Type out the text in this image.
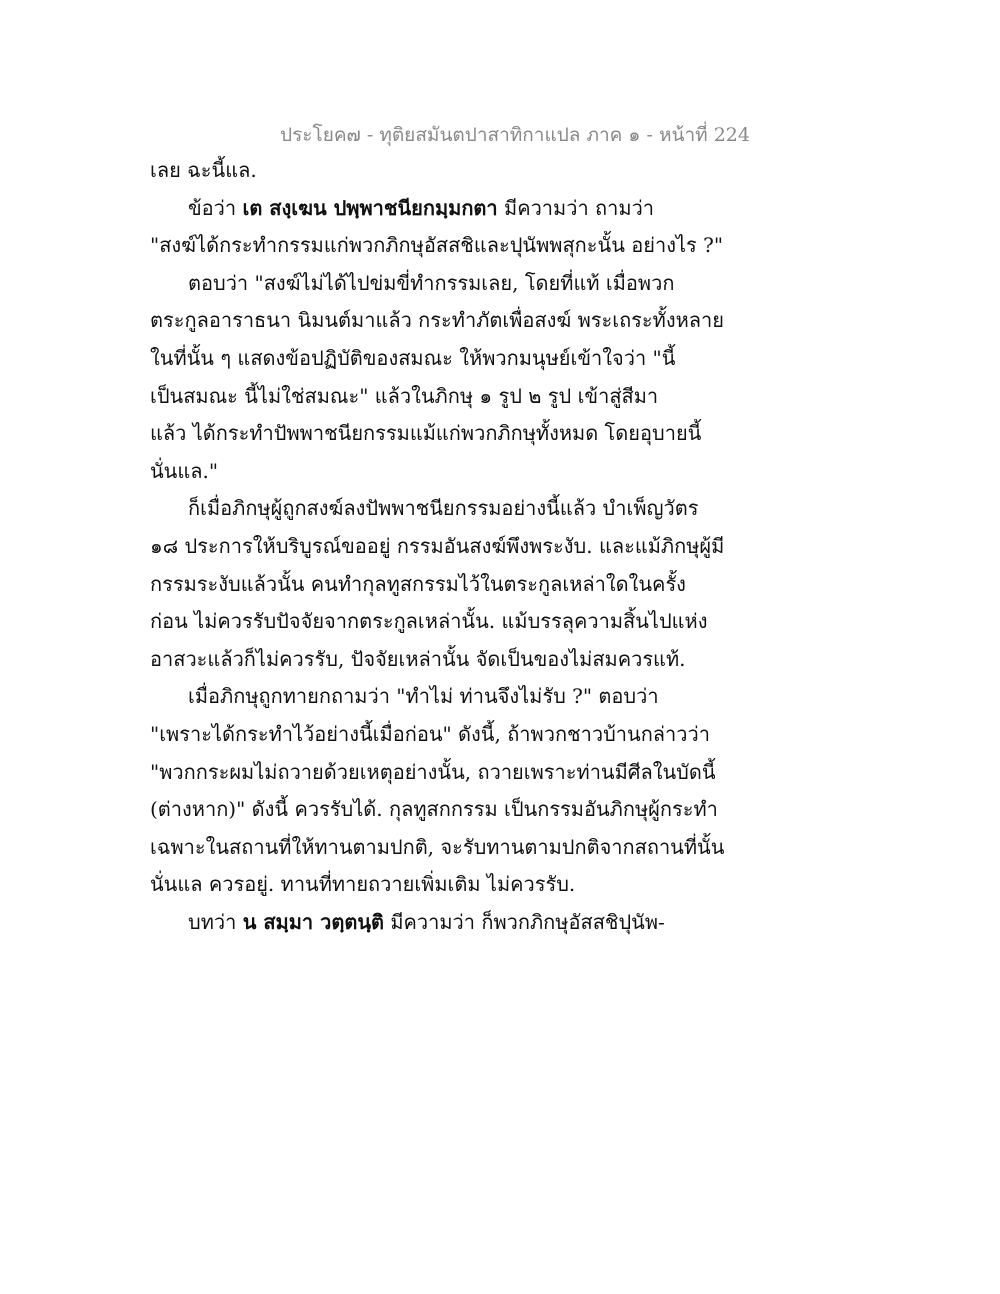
ประโยค๗ - ทุติยสมันตปาสาทิกาแปล ภาค ๑ - หน้าที่ 224
เลย ฉะนี้แล.
ข้อว่า เต สงฺเฆน ปพฺพาชนียกมฺมกตา มีความว่า ถามว่า
"สงฆ์ได้กระทำกรรมแก่พวกภิกษุอัสสชิและปุนัพพสุกะนั้น อย่างไร ?"
ตอบว่า "สงฆ์ไม่ได้ไปข่มขี่ทำกรรมเลย, โดยที่แท้ เมื่อพวก
ตระกูลอาราธนา นิมนต์มาแล้ว กระทำภัตเพื่อสงฆ์ พระเถระทั้งหลาย
ในที่นั้น ๆ แสดงข้อปฏิบัติของสมณะ ให้พวกมนุษย์เข้าใจว่า "นี้
เป็นสมณะ นี้ไม่ใช่สมณะ" แล้วในภิกษุ ๑ รูป ๒ รูป เข้าสู่สีมา
แล้ว ได้กระทำปัพพาชนียกรรมแม้แก่พวกภิกษุทั้งหมด โดยอุบายนี้
นั่นแล."
ก็เมื่อภิกษุผู้ถูกสงฆ์ลงปัพพาชนียกรรมอย่างนี้แล้ว บำเพ็ญวัตร
๑๘ ประการให้บริบูรณ์ขออยู่ กรรมอันสงฆ์พึงพระงับ. และแม้ภิกษุผู้มี
กรรมระงับแล้วนั้น คนทำกุลทูสกรรมไว้ในตระกูลเหล่าใดในครั้ง
ก่อน ไม่ควรรับปัจจัยจากตระกูลเหล่านั้น. แม้บรรลุความสิ้นไปแห่ง
อาสวะแล้วก็ไม่ควรรับ, ปัจจัยเหล่านั้น จัดเป็นของไม่สมควรแท้.
เมื่อภิกษุถูกทายกถามว่า "ทำไม่ ท่านจึงไม่รับ ?" ตอบว่า
"เพราะได้กระทำไว้อย่างนี้เมื่อก่อน" ดังนี้, ถ้าพวกชาวบ้านกล่าวว่า
"พวกกระผมไม่ถวายด้วยเหตุอย่างนั้น, ถวายเพราะท่านมีศีลในบัดนี้
(ต่างหาก)" ดังนี้ ควรรับได้. กุลทูสกกรรม เป็นกรรมอันภิกษุผู้กระทำ
เฉพาะในสถานที่ให้ทานตามปกติ, จะรับทานตามปกติจากสถานที่นั้น
นั่นแล ควรอยู่. ทานที่ทายถวายเพิ่มเติม ไม่ควรรับ.
บทว่า น สมฺมา วตฺตนฺติ มีความว่า ก็พวกภิกษุอัสสชิปุนัพ-
